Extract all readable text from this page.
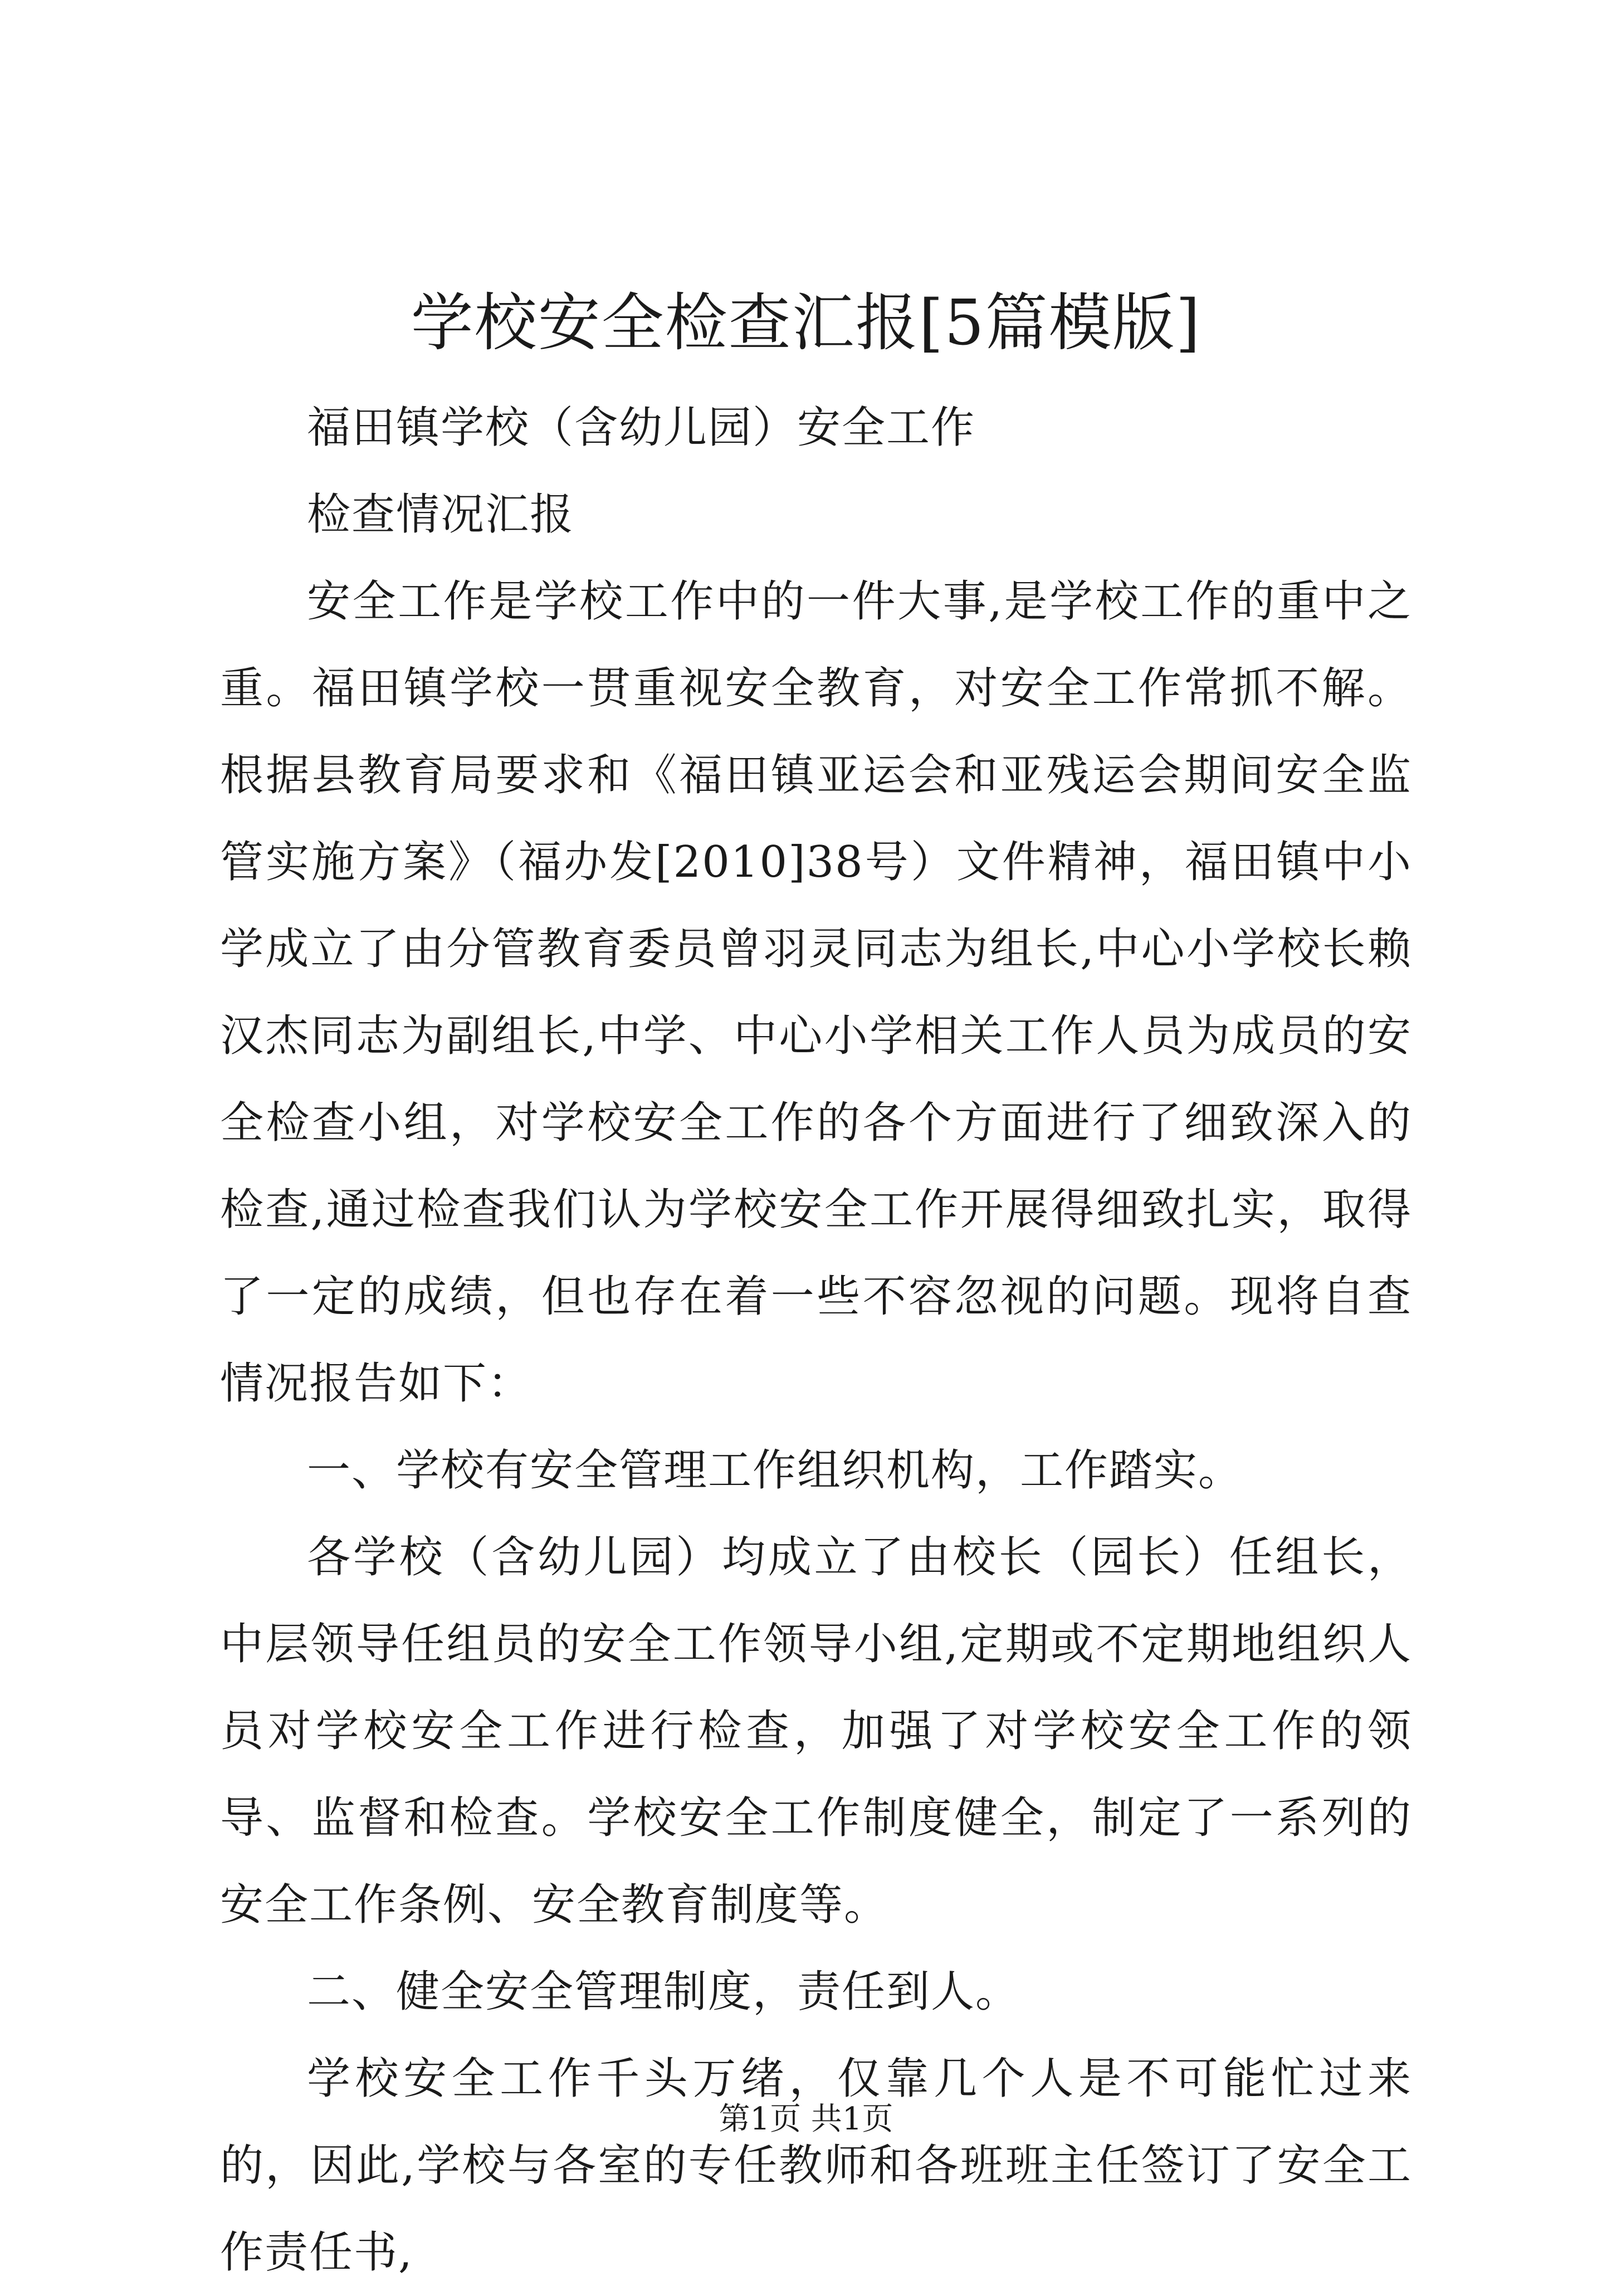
学校安全检查汇报[5篇模版]

福田镇学校（含幼儿园）安全工作

检查情况汇报

安全工作是学校工作中的一件大事,是学校工作的重中之重。福田镇学校一贯重视安全教育，对安全工作常抓不解。根据县教育局要求和《福田镇亚运会和亚残运会期间安全监管实施方案》（福办发[2010]38号）文件精神，福田镇中小学成立了由分管教育委员曾羽灵同志为组长,中心小学校长赖汉杰同志为副组长,中学、中心小学相关工作人员为成员的安全检查小组，对学校安全工作的各个方面进行了细致深入的检查,通过检查我们认为学校安全工作开展得细致扎实，取得了一定的成绩，但也存在着一些不容忽视的问题。现将自查情况报告如下：

一、学校有安全管理工作组织机构，工作踏实。

各学校（含幼儿园）均成立了由校长（园长）任组长，中层领导任组员的安全工作领导小组,定期或不定期地组织人员对学校安全工作进行检查，加强了对学校安全工作的领导、监督和检查。学校安全工作制度健全，制定了一系列的安全工作条例、安全教育制度等。

二、健全安全管理制度，责任到人。

学校安全工作千头万绪，仅靠几个人是不可能忙过来的，因此,学校与各室的专任教师和各班班主任签订了安全工作责任书,

第1页 共1页
